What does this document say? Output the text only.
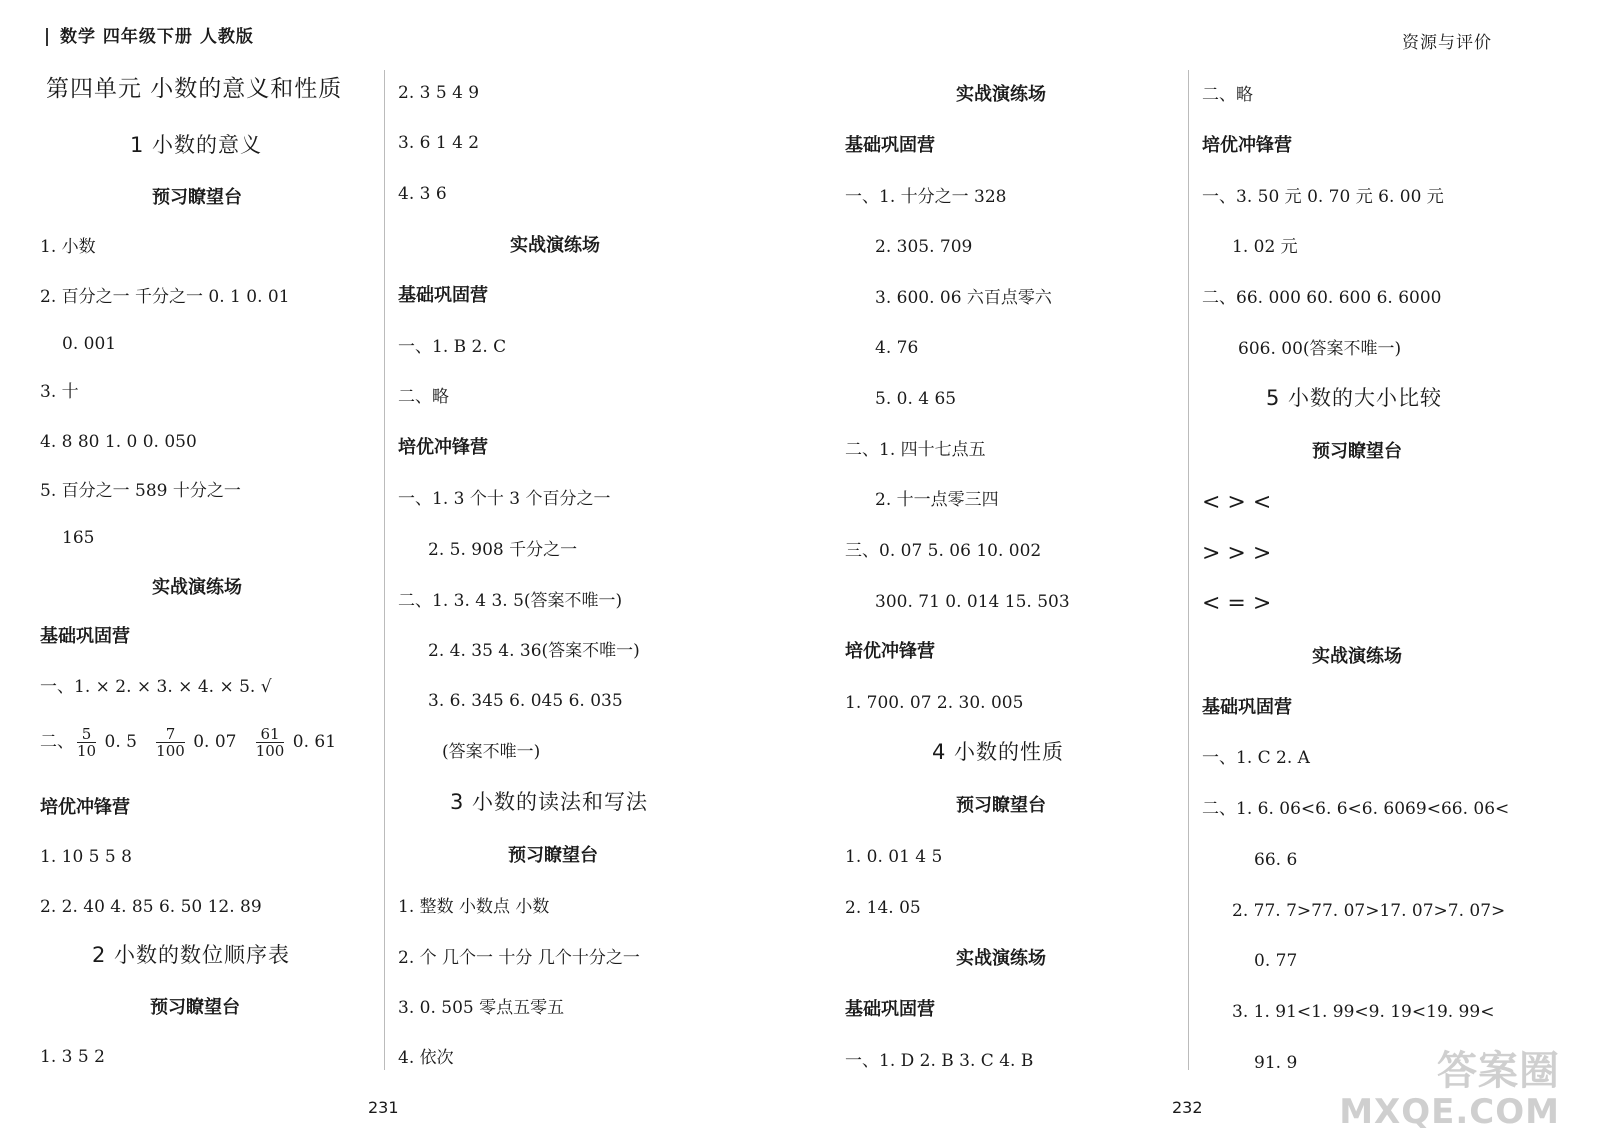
数学 四年级下册 人教版	资源与评价
第四单元 小数的意义和性质
1 小数的意义
预习瞭望台
1. 小数
2. 百分之一 千分之一 0. 1 0. 01
0. 001
3. 十
4. 8 80 1. 0 0. 050
5. 百分之一 589 十分之一
165
实战演练场
基础巩固营
一、1. × 2. × 3. × 4. × 5. √
二、 $\frac{5}{10} 0$. $5 \frac{7}{100} 0$. $07 \frac{61}{100} 0$. 61
培优冲锋营
1. 10 5 5 8
2. 2. 40 4. 85 6. 50 12. 89
2 小数的数位顺序表
预习瞭望台
1. 3 5 2
2. 3 5 4 9
3. 6 1 4 2
4. 3 6
实战演练场
基础巩固营
一、1. B 2. C
二、略
培优冲锋营
一、1. 3 个十 3 个百分之一
2. 5. 908 千分之一
二、1. 3. 4 3. 5(答案不唯一)
2. 4. 35 4. 36(答案不唯一)
3. 6. 345 6. 045 6. 035
(答案不唯一)
3 小数的读法和写法
预习瞭望台
1. 整数 小数点 小数
2. 个 几个一 十分 几个十分之一
3. 0. 505 零点五零五
4. 依次
实战演练场
基础巩固营
一、1. 十分之一 328
2. 305. 709
3. 600. 06 六百点零六
4. 76
5. 0. 4 65
二、1. 四十七点五
2. 十一点零三四
三、0. 07 5. 06 10. 002
300. 71 0. 014 15. 503
培优冲锋营
1. 700. 07 2. 30. 005
4 小数的性质
预习瞭望台
1. 0. 01 4 5
2. 14. 05
实战演练场
基础巩固营
一、1. D 2. B 3. C 4. B
二、略
培优冲锋营
一、3. 50 元 0. 70 元 6. 00 元
1. 02 元
二、66. 000 60. 600 6. 6000
606. 00(答案不唯一)
5 小数的大小比较
预习瞭望台
< > <
> > >
< = >
实战演练场
基础巩固营
一、1. C 2. A
二、1. 6. 06<6. 6<6. 6069<66. 06<
66. 6
2. 77. 7>77. 07>17. 07>7. 07>
0. 77
3. 1. 91<1. 99<9. 19<19. 99<
91. 9
231	232
答案圈
MXQE.COM
